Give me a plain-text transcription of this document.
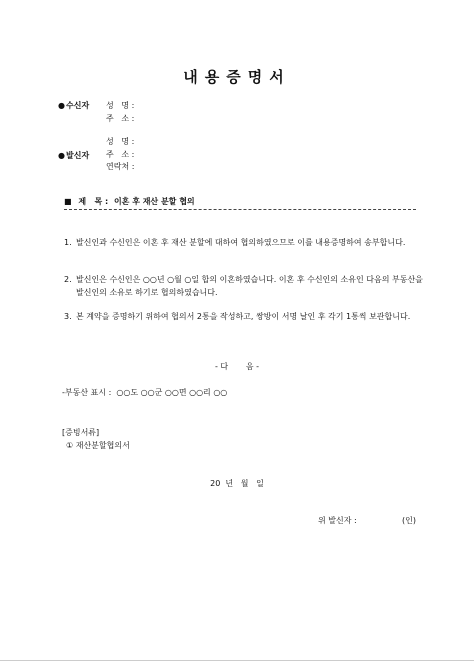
내용증명서
● 수신자 성   명 :
주   소 :
● 발신자
성   명 :
주   소 :
연락처 :
■ 제   목 : 이혼 후 재산 분할 협의
1. 발신인과 수신인은 이혼 후 재산 분할에 대하여 협의하였으므로 이를 내용증명하여 송부합니다.
2. 발신인은 수신인은 ○○년 ○월 ○일 합의 이혼하였습니다. 이혼 후 수신인의 소유인 다음의 부동산을 발신인의 소유로 하기로 협의하였습니다.
3. 본 계약을 증명하기 위하여 협의서 2통을 작성하고, 쌍방이 서명 날인 후 각기 1통씩 보관합니다.
- 다       음 -
-부동산 표시 :  ○○도 ○○군 ○○면 ○○리 ○○
[증빙서류]
① 재산분할협의서
20  년   월   일
위 발신자 :	(인)
